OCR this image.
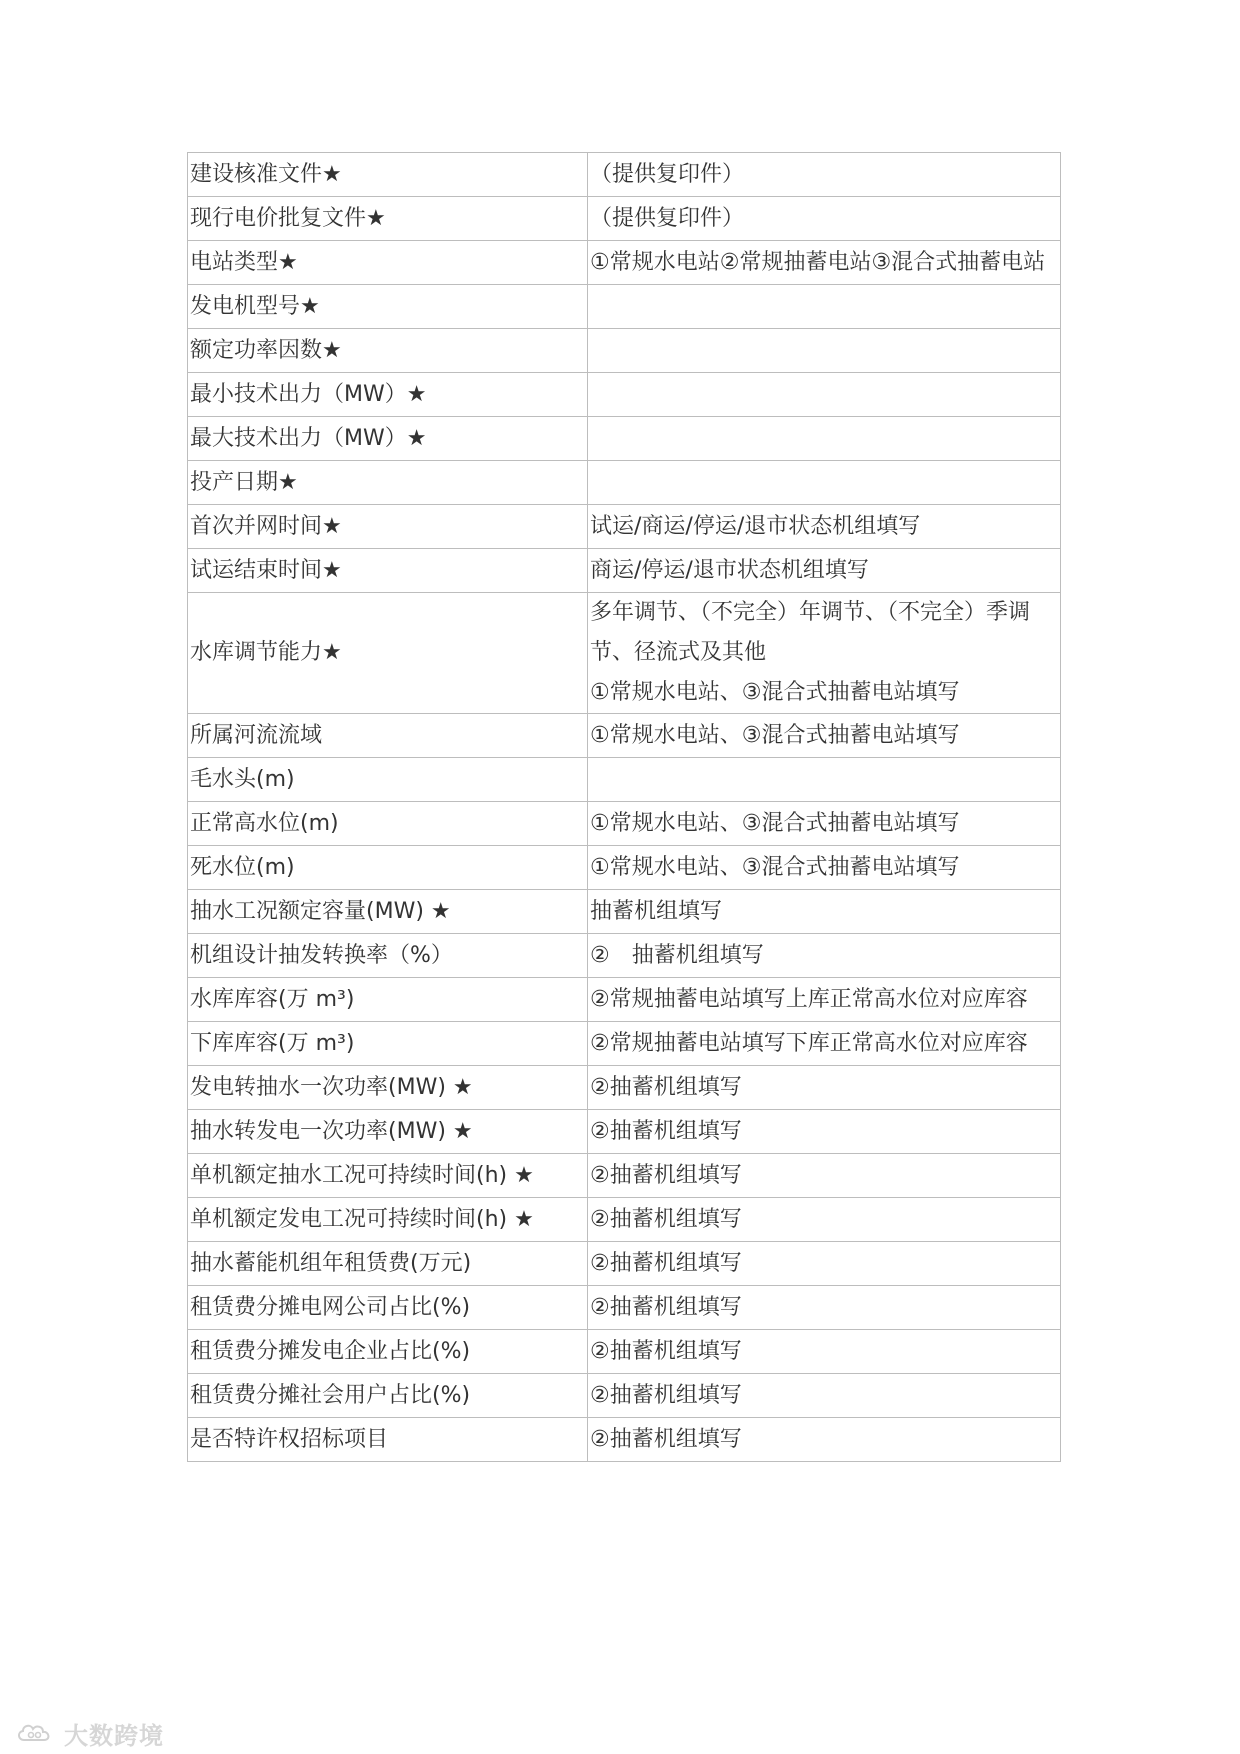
建设核准文件★	（提供复印件）
现行电价批复文件★	（提供复印件）
电站类型★	①常规水电站②常规抽蓄电站③混合式抽蓄电站
发电机型号★	
额定功率因数★	
最小技术出力（MW）★	
最大技术出力（MW）★	
投产日期★	
首次并网时间★	试运/商运/停运/退市状态机组填写
试运结束时间★	商运/停运/退市状态机组填写
水库调节能力★	多年调节、（不完全）年调节、（不完全）季调节、径流式及其他
①常规水电站、③混合式抽蓄电站填写
所属河流流域	①常规水电站、③混合式抽蓄电站填写
毛水头(m)	
正常高水位(m)	①常规水电站、③混合式抽蓄电站填写
死水位(m)	①常规水电站、③混合式抽蓄电站填写
抽水工况额定容量(MW) ★	抽蓄机组填写
机组设计抽发转换率（%）	②　抽蓄机组填写
水库库容(万 m³)	②常规抽蓄电站填写上库正常高水位对应库容
下库库容(万 m³)	②常规抽蓄电站填写下库正常高水位对应库容
发电转抽水一次功率(MW) ★	②抽蓄机组填写
抽水转发电一次功率(MW) ★	②抽蓄机组填写
单机额定抽水工况可持续时间(h) ★	②抽蓄机组填写
单机额定发电工况可持续时间(h) ★	②抽蓄机组填写
抽水蓄能机组年租赁费(万元)	②抽蓄机组填写
租赁费分摊电网公司占比(%)	②抽蓄机组填写
租赁费分摊发电企业占比(%)	②抽蓄机组填写
租赁费分摊社会用户占比(%)	②抽蓄机组填写
是否特许权招标项目	②抽蓄机组填写
大数跨境
